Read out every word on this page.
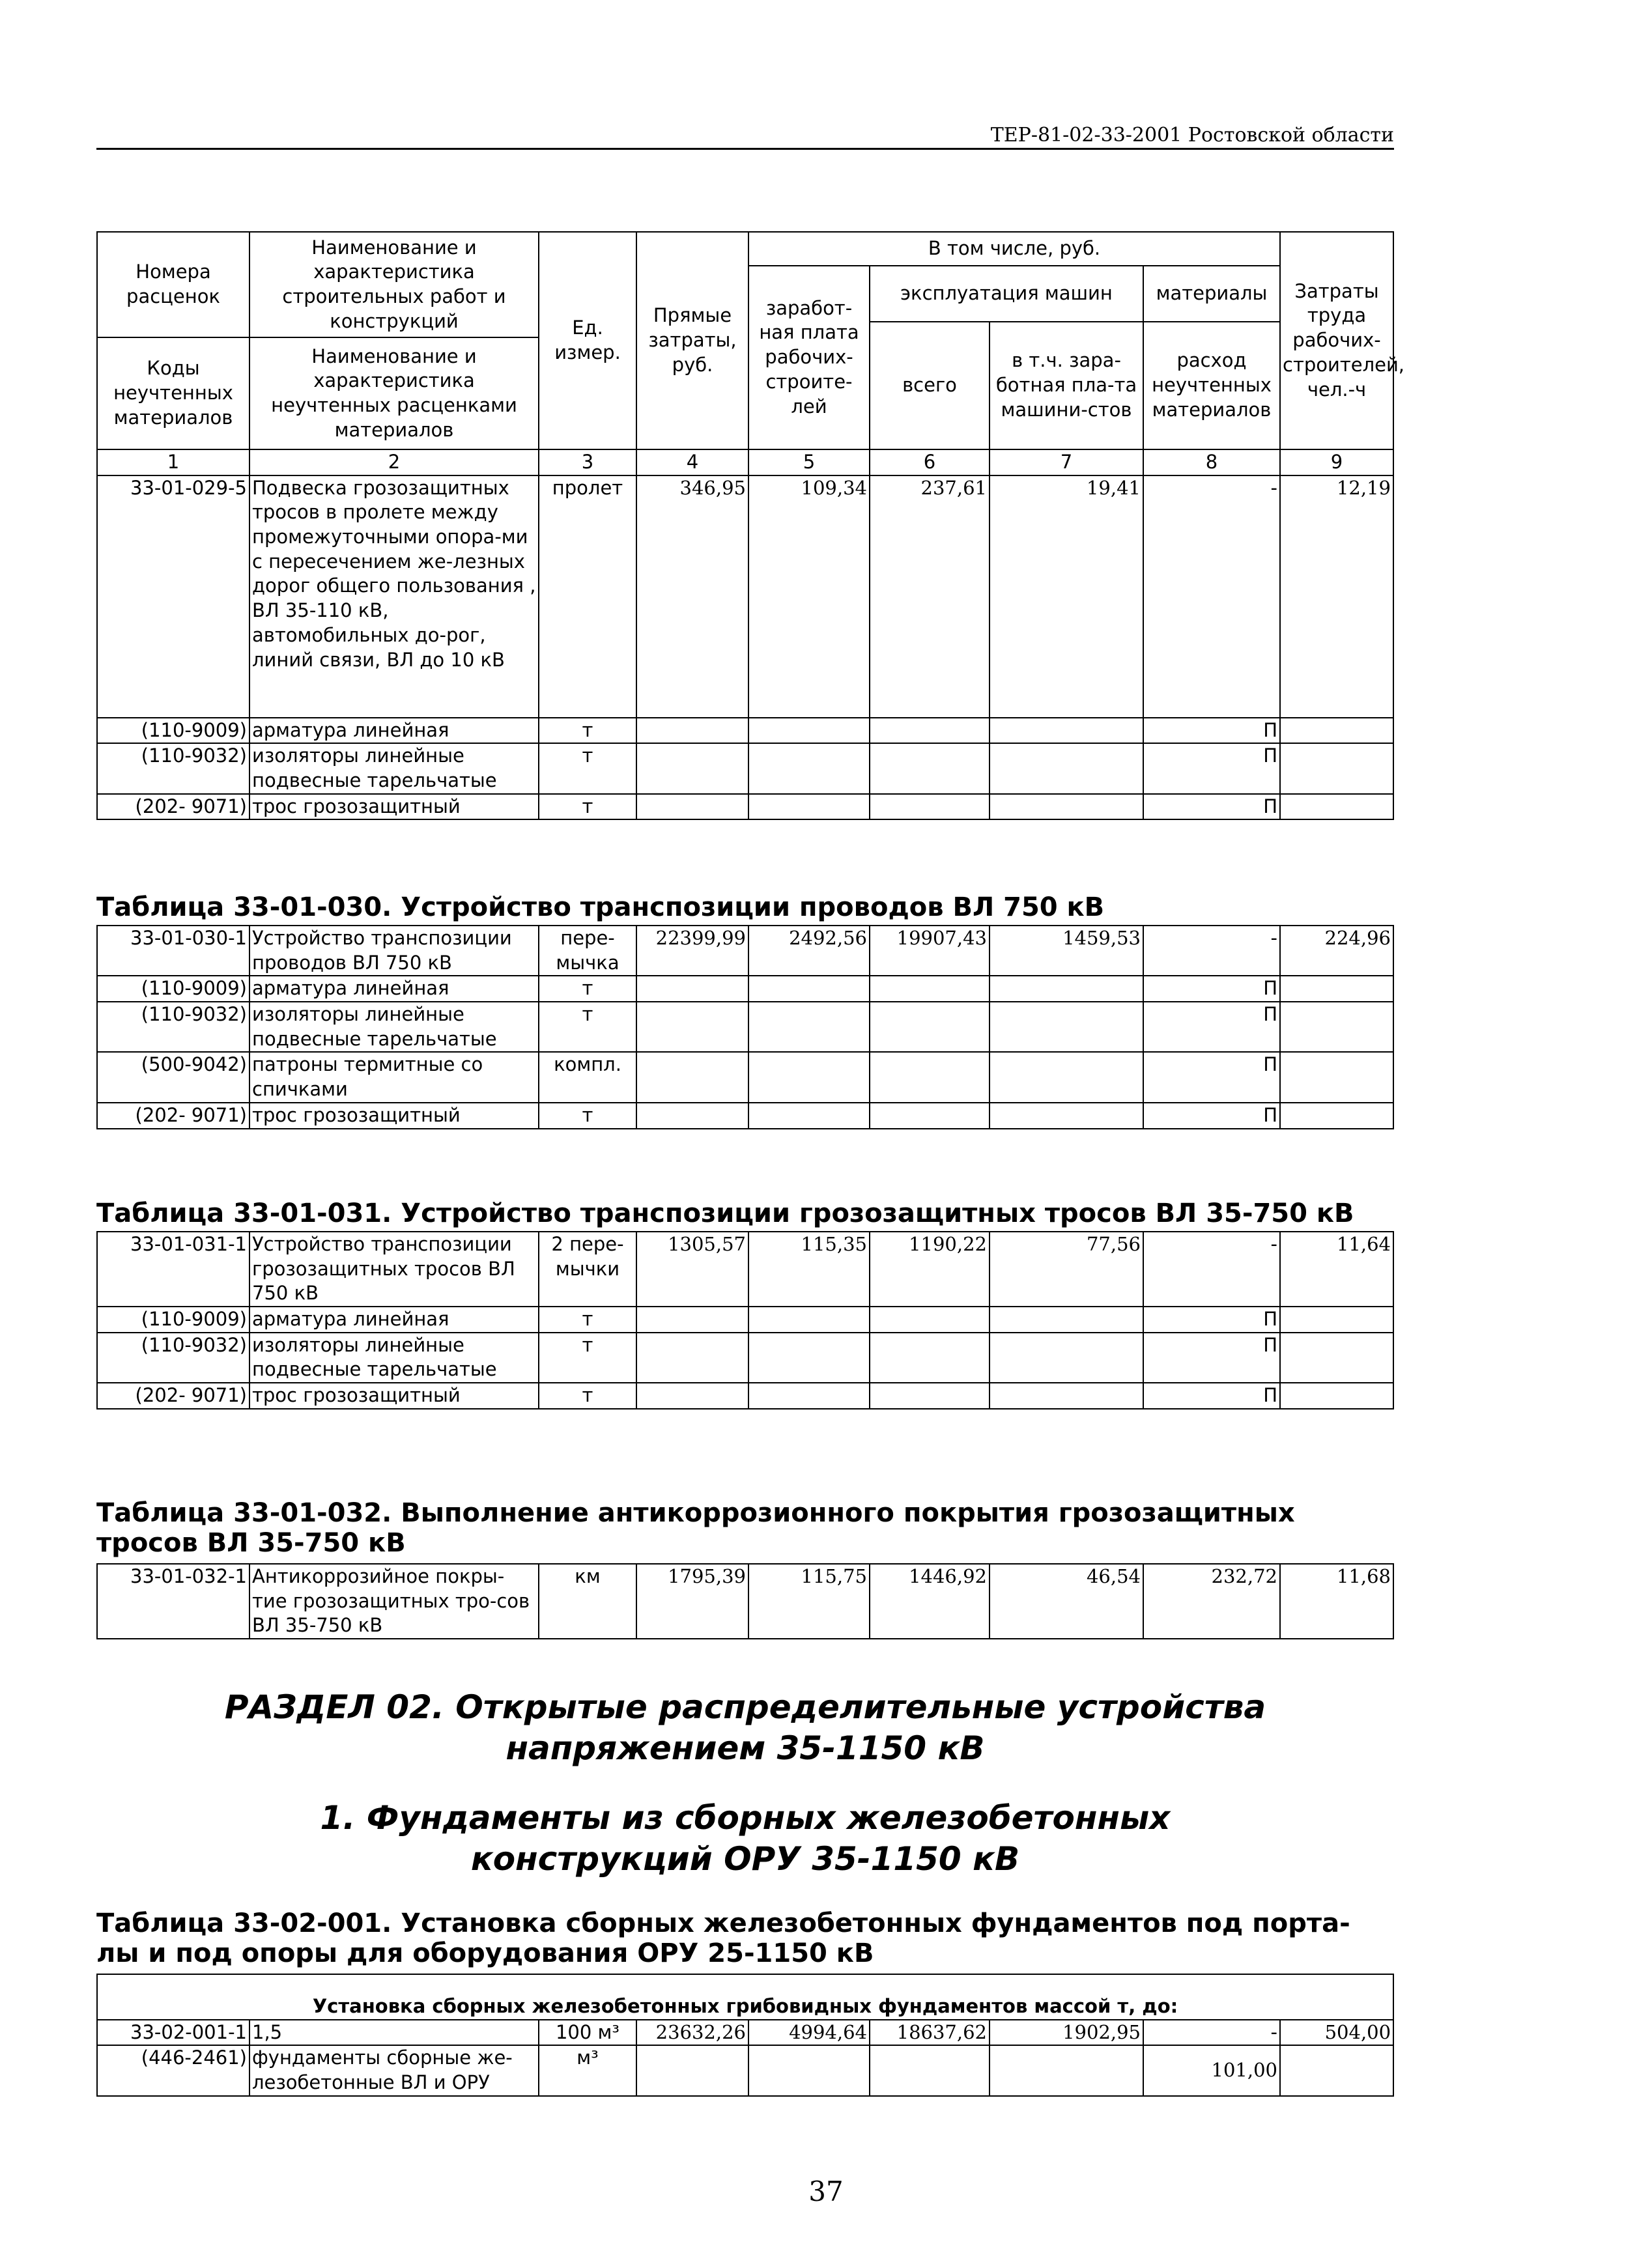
ТЕР-81-02-33-2001 Ростовской области
Номера расценок	Наименование и характеристика строительных работ и конструкций	Ед. измер.	Прямые затраты, руб.	В том числе, руб.				Затраты труда рабочих-строителей, чел.-ч
				заработ-ная плата рабочих-строите-лей	эксплуатация машин		материалы	
					всего	в т.ч. зара-ботная пла-та машини-стов	расход неучтенных материалов	
Коды неучтенных материалов	Наименование и характеристика неучтенных расценками материалов							

1	2	3	4	5	6	7	8	9
33-01-029-5	Подвеска грозозащитных тросов в пролете между промежуточными опора-ми с пересечением же-лезных дорог общего пользования , ВЛ 35-110 кВ, автомобильных до-рог, линий связи, ВЛ до 10 кВ	пролет	346,95	109,34	237,61	19,41	-	12,19
(110-9009)	арматура линейная	т					П	
(110-9032)	изоляторы линейные подвесные тарельчатые	т					П	
(202- 9071)	трос грозозащитный	т					П	
Таблица 33-01-030. Устройство транспозиции проводов ВЛ 750 кВ
33-01-030-1	Устройство транспозиции проводов ВЛ 750 кВ	пере-мычка	22399,99	2492,56	19907,43	1459,53	-	224,96
(110-9009)	арматура линейная	т					П	
(110-9032)	изоляторы линейные подвесные тарельчатые	т					П	
(500-9042)	патроны термитные со спичками	компл.					П	
(202- 9071)	трос грозозащитный	т					П	
Таблица 33-01-031. Устройство транспозиции грозозащитных тросов ВЛ 35-750 кВ
33-01-031-1	Устройство транспозиции грозозащитных тросов ВЛ 750 кВ	2 пере-мычки	1305,57	115,35	1190,22	77,56	-	11,64
(110-9009)	арматура линейная	т					П	
(110-9032)	изоляторы линейные подвесные тарельчатые	т					П	
(202- 9071)	трос грозозащитный	т					П	
Таблица 33-01-032. Выполнение антикоррозионного покрытия грозозащитных тросов ВЛ 35-750 кВ
33-01-032-1	Антикоррозийное покры-тие грозозащитных тро-сов ВЛ 35-750 кВ	км	1795,39	115,75	1446,92	46,54	232,72	11,68
РАЗДЕЛ 02. Открытые распределительные устройства напряжением 35-1150 кВ
1. Фундаменты из сборных железобетонных конструкций ОРУ 35-1150 кВ
Таблица 33-02-001. Установка сборных железобетонных фундаментов под порта-лы и под опоры для оборудования ОРУ 25-1150 кВ
Установка сборных железобетонных грибовидных фундаментов массой т, до:								
33-02-001-1	1,5	100 м³	23632,26	4994,64	18637,62	1902,95	-	504,00
(446-2461)	фундаменты сборные же-лезобетонные ВЛ и ОРУ	м³					101,00	
37
